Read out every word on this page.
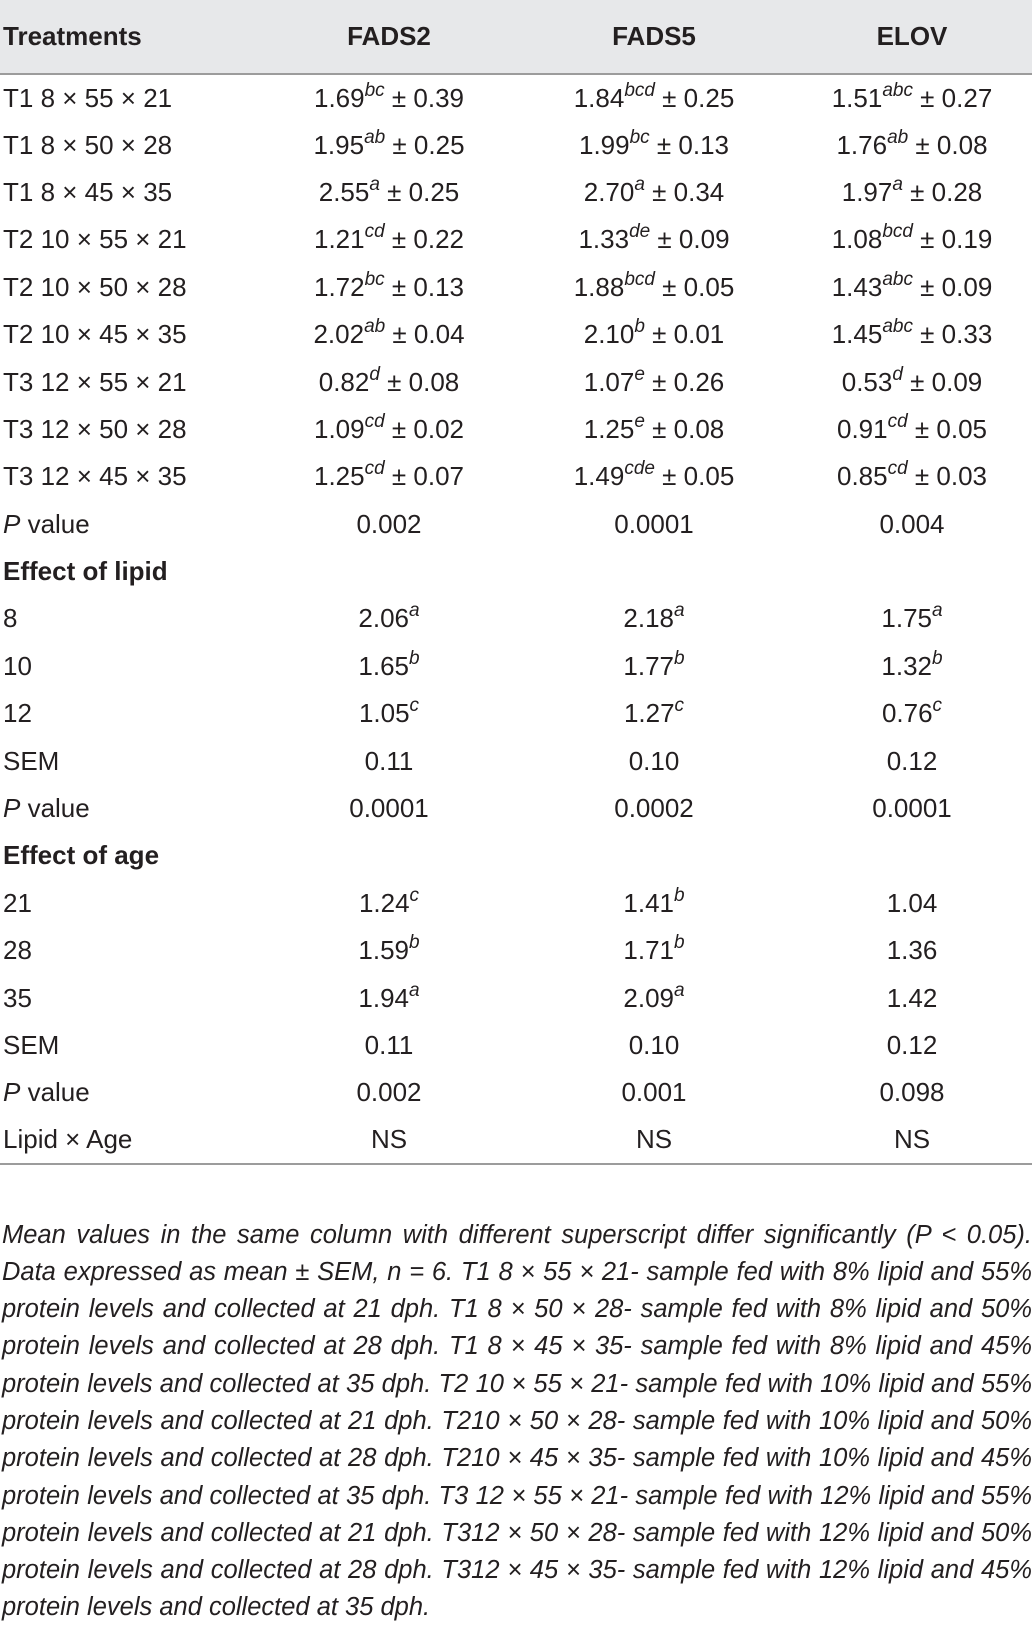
Treatments	FADS2	FADS5	ELOV
T1 8 × 55 × 21	1.69$^{bc}$ ± 0.39	1.84$^{bcd}$ ± 0.25	1.51$^{abc}$ ± 0.27
T1 8 × 50 × 28	1.95$^{ab}$ ± 0.25	1.99$^{bc}$ ± 0.13	1.76$^{ab}$ ± 0.08
T1 8 × 45 × 35	2.55$^a$ ± 0.25	2.70$^a$ ± 0.34	1.97$^a$ ± 0.28
T2 10 × 55 × 21	1.21$^{cd}$ ± 0.22	1.33de ± 0.09	1.08$^{bcd}$ ± 0.19
T2 10 × 50 × 28	1.72$^{bc}$ ± 0.13	1.88$^{bcd}$ ± 0.05	1.43$^{abc}$ ± 0.09
T2 10 × 45 × 35	2.02$^{ab}$ ± 0.04	2.10$^b$ ± 0.01	1.45$^{abc}$ ± 0.33
T3 12 × 55 × 21	0.82$^d$ ± 0.08	1.07$^e$ ± 0.26	0.53$^d$ ± 0.09
T3 12 × 50 × 28	1.09$^{cd}$ ± 0.02	1.25$^e$ ± 0.08	0.91$^{cd}$ ± 0.05
T3 12 × 45 × 35	1.25$^{cd}$ ± 0.07	1.49$^{cde}$ ± 0.05	0.85$^{cd}$ ± 0.03
P value	0.002	0.0001	0.004
Effect of lipid			
8	2.06$^a$	2.18$^a$	1.75$^a$
10	1.65$^b$	1.77$^b$	1.32$^b$
12	1.05$^c$	1.27$^c$	0.76$^c$
SEM	0.11	0.10	0.12
P value	0.0001	0.0002	0.0001
Effect of age			
21	1.24$^c$	1.41$^b$	1.04
28	1.59$^b$	1.71$^b$	1.36
35	1.94$^a$	2.09$^a$	1.42
SEM	0.11	0.10	0.12
P value	0.002	0.001	0.098
Lipid × Age	NS	NS	NS

Mean values in the same column with different superscript differ significantly (P < 0.05). Data expressed as mean ± SEM, n = 6. T1 8 × 55 × 21- sample fed with 8% lipid and 55% protein levels and collected at 21 dph. T1 8 × 50 × 28- sample fed with 8% lipid and 50% protein levels and collected at 28 dph. T1 8 × 45 × 35- sample fed with 8% lipid and 45% protein levels and collected at 35 dph. T2 10 × 55 × 21- sample fed with 10% lipid and 55% protein levels and collected at 21 dph. T210 × 50 × 28- sample fed with 10% lipid and 50% protein levels and collected at 28 dph. T210 × 45 × 35- sample fed with 10% lipid and 45% protein levels and collected at 35 dph. T3 12 × 55 × 21- sample fed with 12% lipid and 55% protein levels and collected at 21 dph. T312 × 50 × 28- sample fed with 12% lipid and 50% protein levels and collected at 28 dph. T312 × 45 × 35- sample fed with 12% lipid and 45% protein levels and collected at 35 dph.
